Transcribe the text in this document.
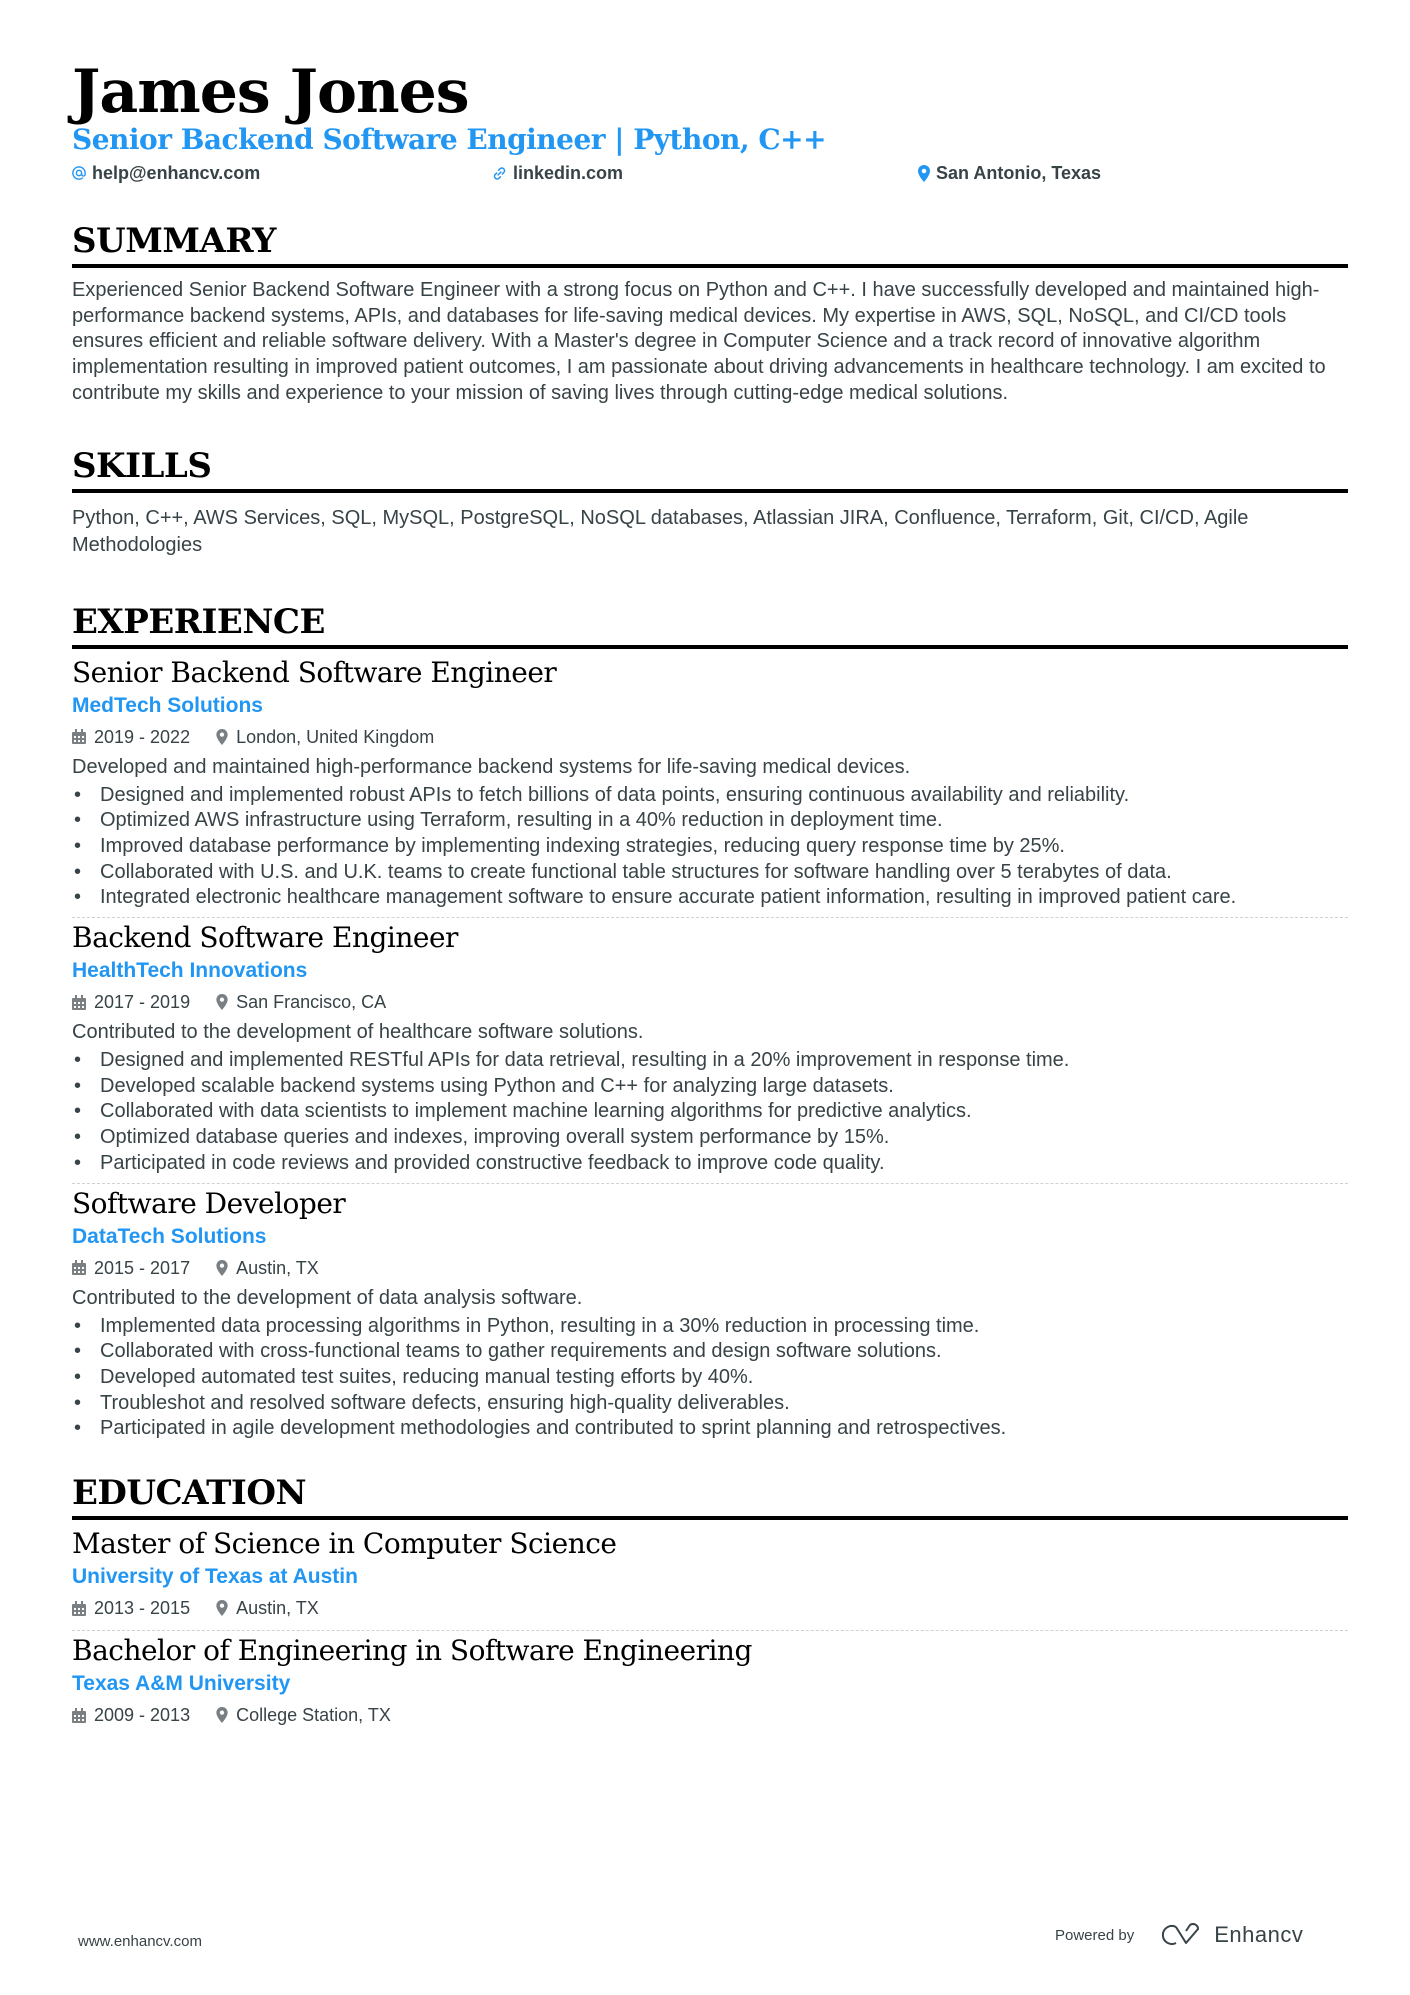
James Jones
Senior Backend Software Engineer | Python, C++
help@enhancv.com	linkedin.com	San Antonio, Texas
SUMMARY
Experienced Senior Backend Software Engineer with a strong focus on Python and C++. I have successfully developed and maintained high-performance backend systems, APIs, and databases for life-saving medical devices. My expertise in AWS, SQL, NoSQL, and CI/CD tools ensures efficient and reliable software delivery. With a Master's degree in Computer Science and a track record of innovative algorithm implementation resulting in improved patient outcomes, I am passionate about driving advancements in healthcare technology. I am excited to contribute my skills and experience to your mission of saving lives through cutting-edge medical solutions.
SKILLS
Python, C++, AWS Services, SQL, MySQL, PostgreSQL, NoSQL databases, Atlassian JIRA, Confluence, Terraform, Git, CI/CD, Agile Methodologies
EXPERIENCE
Senior Backend Software Engineer
MedTech Solutions
2019 - 2022	London, United Kingdom
Developed and maintained high-performance backend systems for life-saving medical devices.
• Designed and implemented robust APIs to fetch billions of data points, ensuring continuous availability and reliability.
• Optimized AWS infrastructure using Terraform, resulting in a 40% reduction in deployment time.
• Improved database performance by implementing indexing strategies, reducing query response time by 25%.
• Collaborated with U.S. and U.K. teams to create functional table structures for software handling over 5 terabytes of data.
• Integrated electronic healthcare management software to ensure accurate patient information, resulting in improved patient care.
Backend Software Engineer
HealthTech Innovations
2017 - 2019	San Francisco, CA
Contributed to the development of healthcare software solutions.
• Designed and implemented RESTful APIs for data retrieval, resulting in a 20% improvement in response time.
• Developed scalable backend systems using Python and C++ for analyzing large datasets.
• Collaborated with data scientists to implement machine learning algorithms for predictive analytics.
• Optimized database queries and indexes, improving overall system performance by 15%.
• Participated in code reviews and provided constructive feedback to improve code quality.
Software Developer
DataTech Solutions
2015 - 2017	Austin, TX
Contributed to the development of data analysis software.
• Implemented data processing algorithms in Python, resulting in a 30% reduction in processing time.
• Collaborated with cross-functional teams to gather requirements and design software solutions.
• Developed automated test suites, reducing manual testing efforts by 40%.
• Troubleshot and resolved software defects, ensuring high-quality deliverables.
• Participated in agile development methodologies and contributed to sprint planning and retrospectives.
EDUCATION
Master of Science in Computer Science
University of Texas at Austin
2013 - 2015	Austin, TX
Bachelor of Engineering in Software Engineering
Texas A&M University
2009 - 2013	College Station, TX
www.enhancv.com	Powered by	Enhancv
